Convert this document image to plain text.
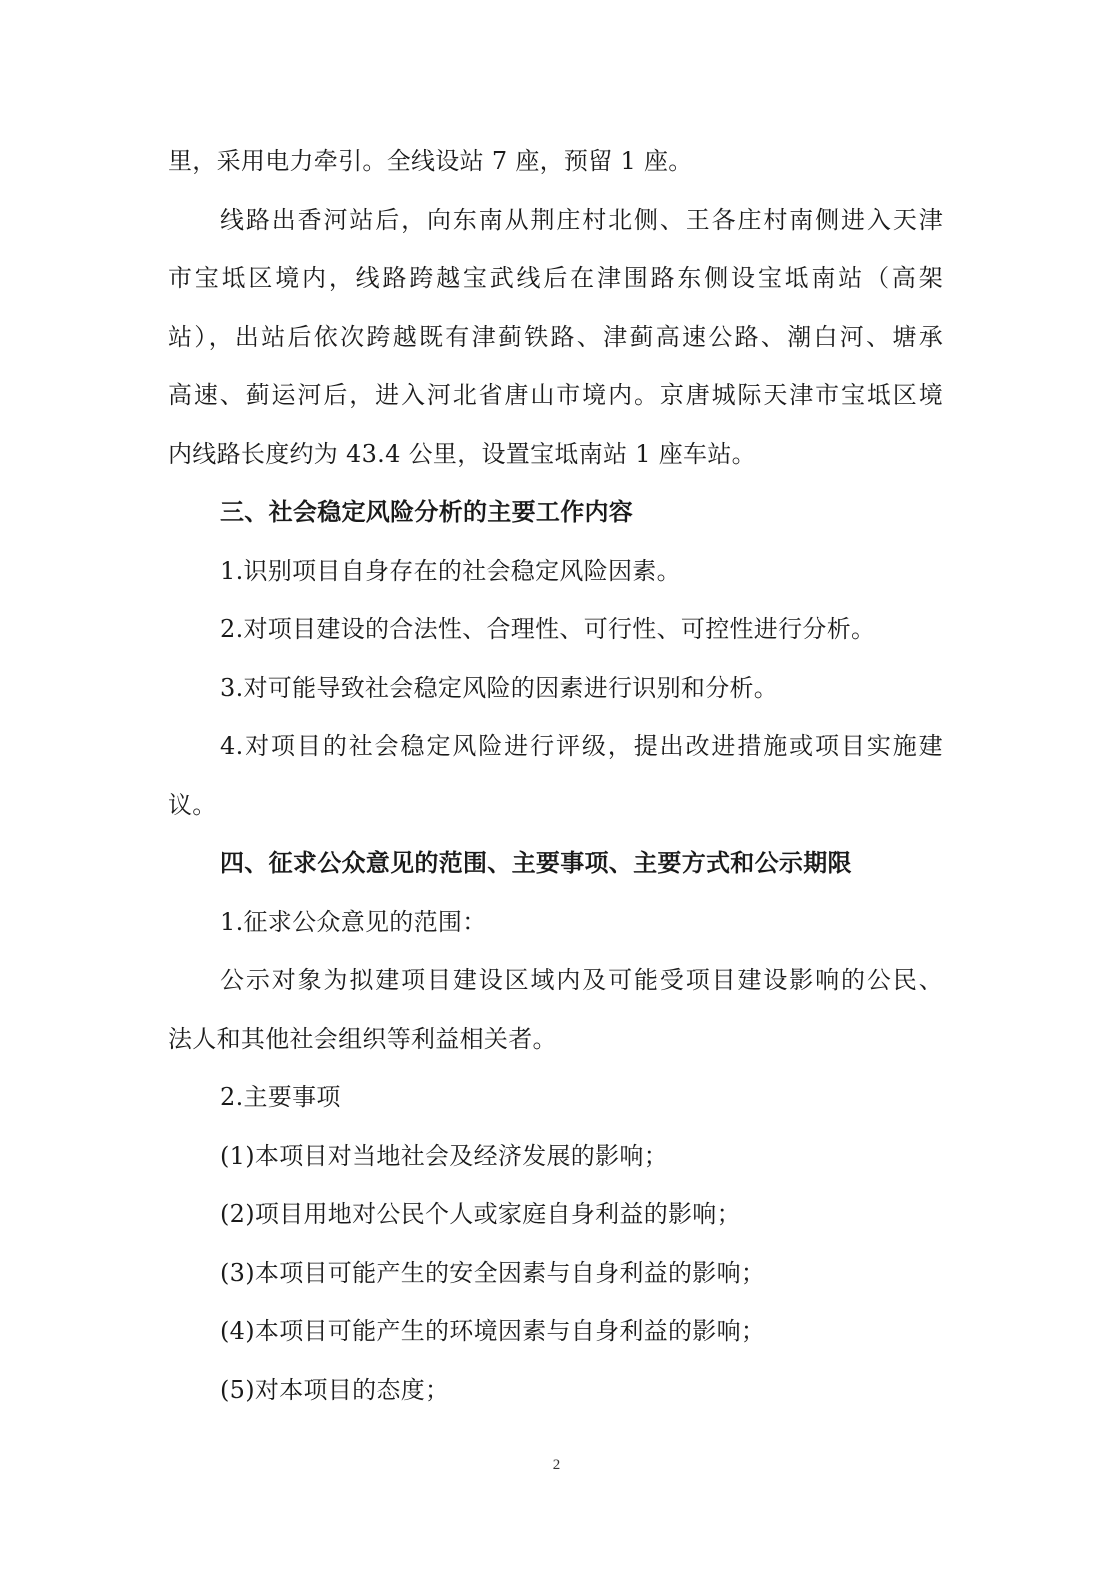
里，采用电力牵引。全线设站 7 座，预留 1 座。

线路出香河站后，向东南从荆庄村北侧、王各庄村南侧进入天津

市宝坻区境内，线路跨越宝武线后在津围路东侧设宝坻南站（高架

站），出站后依次跨越既有津蓟铁路、津蓟高速公路、潮白河、塘承

高速、蓟运河后，进入河北省唐山市境内。京唐城际天津市宝坻区境

内线路长度约为 43.4 公里，设置宝坻南站 1 座车站。

三、社会稳定风险分析的主要工作内容

1.识别项目自身存在的社会稳定风险因素。

2.对项目建设的合法性、合理性、可行性、可控性进行分析。

3.对可能导致社会稳定风险的因素进行识别和分析。

4.对项目的社会稳定风险进行评级，提出改进措施或项目实施建

议。

四、征求公众意见的范围、主要事项、主要方式和公示期限

1.征求公众意见的范围：

公示对象为拟建项目建设区域内及可能受项目建设影响的公民、

法人和其他社会组织等利益相关者。

2.主要事项

(1)本项目对当地社会及经济发展的影响；

(2)项目用地对公民个人或家庭自身利益的影响；

(3)本项目可能产生的安全因素与自身利益的影响；

(4)本项目可能产生的环境因素与自身利益的影响；

(5)对本项目的态度；

2
